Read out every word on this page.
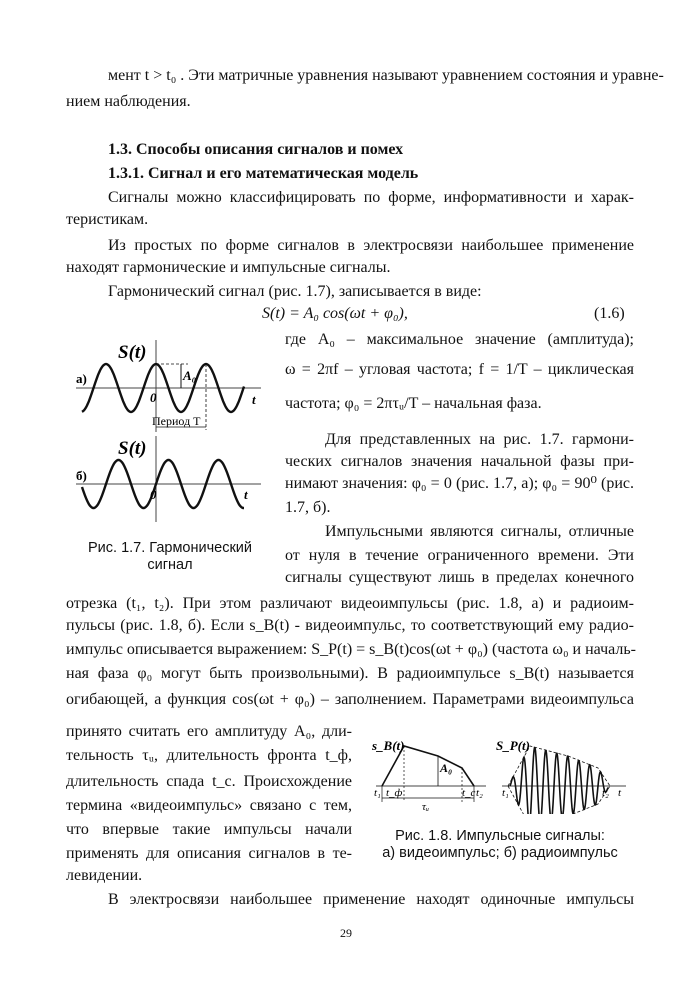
мент t > t₀ . Эти матричные уравнения называют уравнением состояния и уравне-
нием наблюдения.
1.3. Способы описания сигналов и помех
1.3.1. Сигнал и его математическая модель
Сигналы можно классифицировать по форме, информативности и харак-
теристикам.
Из простых по форме сигналов в электросвязи наибольшее применение
находят гармонические и импульсные сигналы.
Гармонический сигнал (рис. 1.7), записывается в виде:
S(t) = A₀ cos(ωt + φ₀),	(1.6)
где A₀ – максимальное значение (амплитуда);
ω = 2πf – угловая частота; f = 1/T – циклическая
частота; φ₀ = 2πτᵤ/T – начальная фаза.
Для представленных на рис. 1.7. гармони-
ческих сигналов значения начальной фазы при-
нимают значения: φ₀ = 0 (рис. 1.7, а); φ₀ = 90⁰ (рис.
1.7, б).
Импульсными являются сигналы, отличные
от нуля в течение ограниченного времени. Эти
сигналы существуют лишь в пределах конечного
S(t)
A₀
а)
0	t
Период T
S(t)
б)
0	t
Рис. 1.7. Гармонический
сигнал
отрезка (t₁, t₂). При этом различают видеоимпульсы (рис. 1.8, а) и радиоим-
пульсы (рис. 1.8, б). Если s_B(t) - видеоимпульс, то соответствующий ему радио-
импульс описывается выражением: S_P(t) = s_B(t)cos(ωt + φ₀) (частота ω₀ и началь-
ная фаза φ₀ могут быть произвольными). В радиоимпульсе s_B(t) называется
огибающей, а функция cos(ωt + φ₀) – заполнением. Параметрами видеоимпульса
принято считать его амплитуду A₀, дли-
тельность τᵤ, длительность фронта t_ф,
длительность спада t_c. Происхождение
термина «видеоимпульс» связано с тем,
что впервые такие импульсы начали
применять для описания сигналов в те-
левидении.
s_B(t)
A₀
t₁ t_ф
τᵤ
t_c t₂
S_P(t)
t₁	t₂ t
Рис. 1.8. Импульсные сигналы:
а) видеоимпульс; б) радиоимпульс
В электросвязи наибольшее применение находят одиночные импульсы
29
